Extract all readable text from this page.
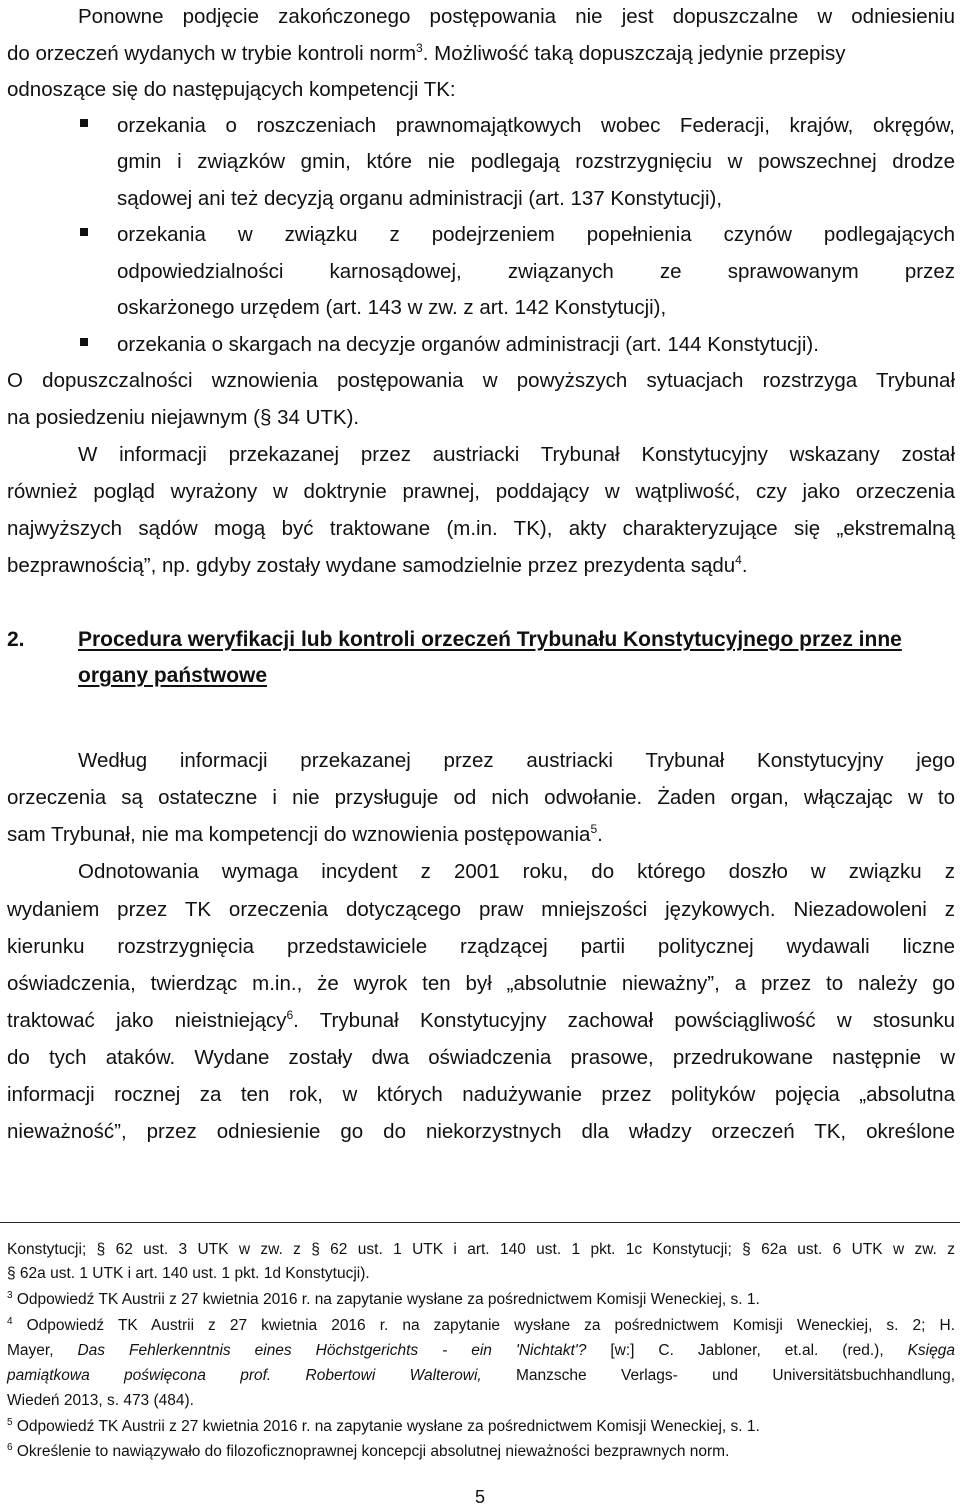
Ponowne podjęcie zakończonego postępowania nie jest dopuszczalne w odniesieniu
do orzeczeń wydanych w trybie kontroli norm$^3$. Możliwość taką dopuszczają jedynie przepisy
odnoszące się do następujących kompetencji TK:
orzekania o roszczeniach prawnomajątkowych wobec Federacji, krajów, okręgów,
gmin i związków gmin, które nie podlegają rozstrzygnięciu w powszechnej drodze
sądowej ani też decyzją organu administracji (art. 137 Konstytucji),
orzekania w związku z podejrzeniem popełnienia czynów podlegających
odpowiedzialności karnosądowej, związanych ze sprawowanym przez
oskarżonego urzędem (art. 143 w zw. z art. 142 Konstytucji),
orzekania o skargach na decyzje organów administracji (art. 144 Konstytucji).
O dopuszczalności wznowienia postępowania w powyższych sytuacjach rozstrzyga Trybunał
na posiedzeniu niejawnym (§ 34 UTK).
W informacji przekazanej przez austriacki Trybunał Konstytucyjny wskazany został
również pogląd wyrażony w doktrynie prawnej, poddający w wątpliwość, czy jako orzeczenia
najwyższych sądów mogą być traktowane (m.in. TK), akty charakteryzujące się „ekstremalną
bezprawnością”, np. gdyby zostały wydane samodzielnie przez prezydenta sądu$^4$.
2.	Procedura weryfikacji lub kontroli orzeczeń Trybunału Konstytucyjnego przez inne
organy państwowe
Według informacji przekazanej przez austriacki Trybunał Konstytucyjny jego
orzeczenia są ostateczne i nie przysługuje od nich odwołanie. Żaden organ, włączając w to
sam Trybunał, nie ma kompetencji do wznowienia postępowania$^5$.
Odnotowania wymaga incydent z 2001 roku, do którego doszło w związku z
wydaniem przez TK orzeczenia dotyczącego praw mniejszości językowych. Niezadowoleni z
kierunku rozstrzygnięcia przedstawiciele rządzącej partii politycznej wydawali liczne
oświadczenia, twierdząc m.in., że wyrok ten był „absolutnie nieważny”, a przez to należy go
traktować jako nieistniejący$^6$. Trybunał Konstytucyjny zachował powściągliwość w stosunku
do tych ataków. Wydane zostały dwa oświadczenia prasowe, przedrukowane następnie w
informacji rocznej za ten rok, w których nadużywanie przez polityków pojęcia „absolutna
nieważność”, przez odniesienie go do niekorzystnych dla władzy orzeczeń TK, określone
Konstytucji; § 62 ust. 3 UTK w zw. z § 62 ust. 1 UTK i art. 140 ust. 1 pkt. 1c Konstytucji; § 62a ust. 6 UTK w zw. z
§ 62a ust. 1 UTK i art. 140 ust. 1 pkt. 1d Konstytucji).
$^3$ Odpowiedź TK Austrii z 27 kwietnia 2016 r. na zapytanie wysłane za pośrednictwem Komisji Weneckiej, s. 1.
$^4$ Odpowiedź TK Austrii z 27 kwietnia 2016 r. na zapytanie wysłane za pośrednictwem Komisji Weneckiej, s. 2; H.
Mayer, Das Fehlerkenntnis eines Höchstgerichts - ein 'Nichtakt'? [w:] C. Jabloner, et.al. (red.), Księga
pamiątkowa poświęcona prof. Robertowi Walterowi, Manzsche Verlags- und Universitätsbuchhandlung,
Wiedeń 2013, s. 473 (484).
$^5$ Odpowiedź TK Austrii z 27 kwietnia 2016 r. na zapytanie wysłane za pośrednictwem Komisji Weneckiej, s. 1.
$^6$ Określenie to nawiązywało do filozoficznoprawnej koncepcji absolutnej nieważności bezprawnych norm.
5
